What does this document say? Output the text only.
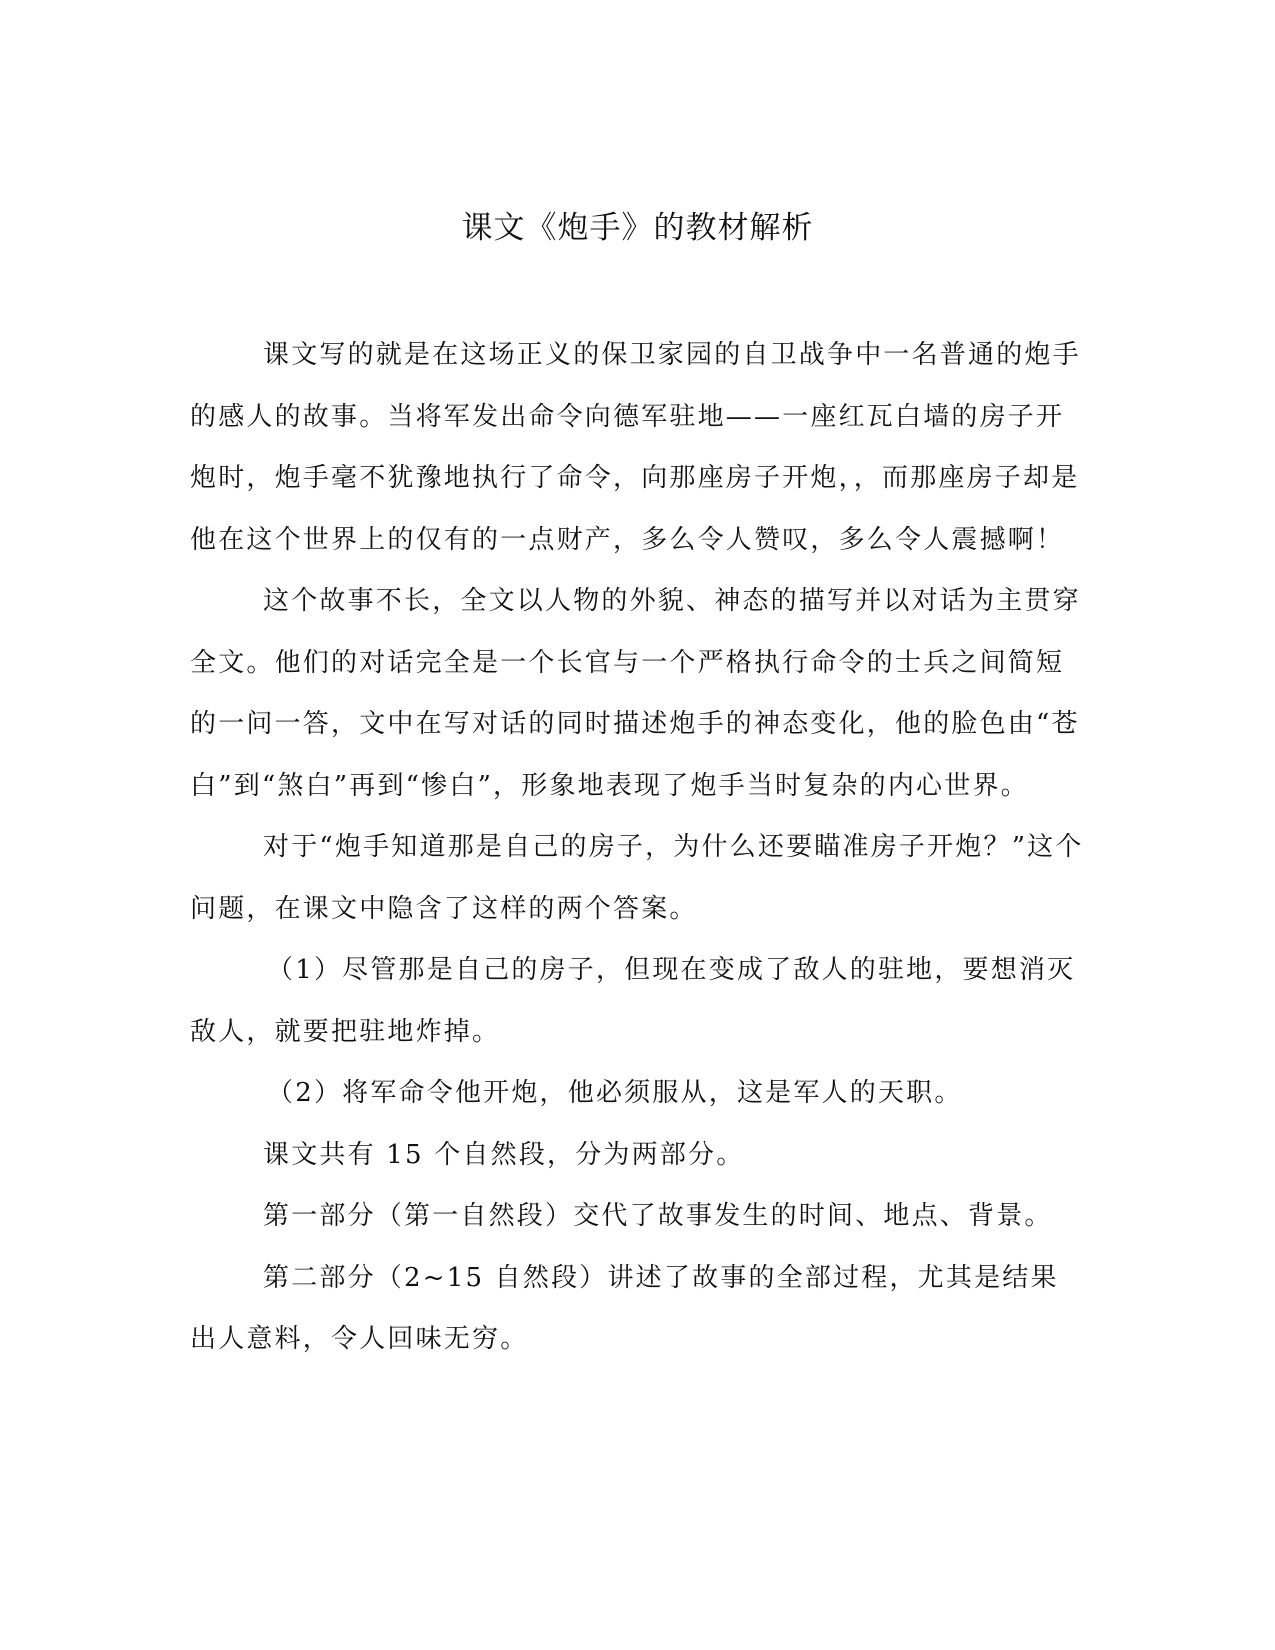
课文《炮手》的教材解析

课文写的就是在这场正义的保卫家园的自卫战争中一名普通的炮手的感人的故事。当将军发出命令向德军驻地——一座红瓦白墙的房子开炮时，炮手毫不犹豫地执行了命令，向那座房子开炮，，而那座房子却是他在这个世界上的仅有的一点财产，多么令人赞叹，多么令人震撼啊！

这个故事不长，全文以人物的外貌、神态的描写并以对话为主贯穿全文。他们的对话完全是一个长官与一个严格执行命令的士兵之间简短的一问一答，文中在写对话的同时描述炮手的神态变化，他的脸色由“苍白”到“煞白”再到“惨白”，形象地表现了炮手当时复杂的内心世界。

对于“炮手知道那是自己的房子，为什么还要瞄准房子开炮？”这个问题，在课文中隐含了这样的两个答案。

（1）尽管那是自己的房子，但现在变成了敌人的驻地，要想消灭敌人，就要把驻地炸掉。

（2）将军命令他开炮，他必须服从，这是军人的天职。

课文共有 15 个自然段，分为两部分。

第一部分（第一自然段）交代了故事发生的时间、地点、背景。

第二部分（2~15 自然段）讲述了故事的全部过程，尤其是结果出人意料，令人回味无穷。
